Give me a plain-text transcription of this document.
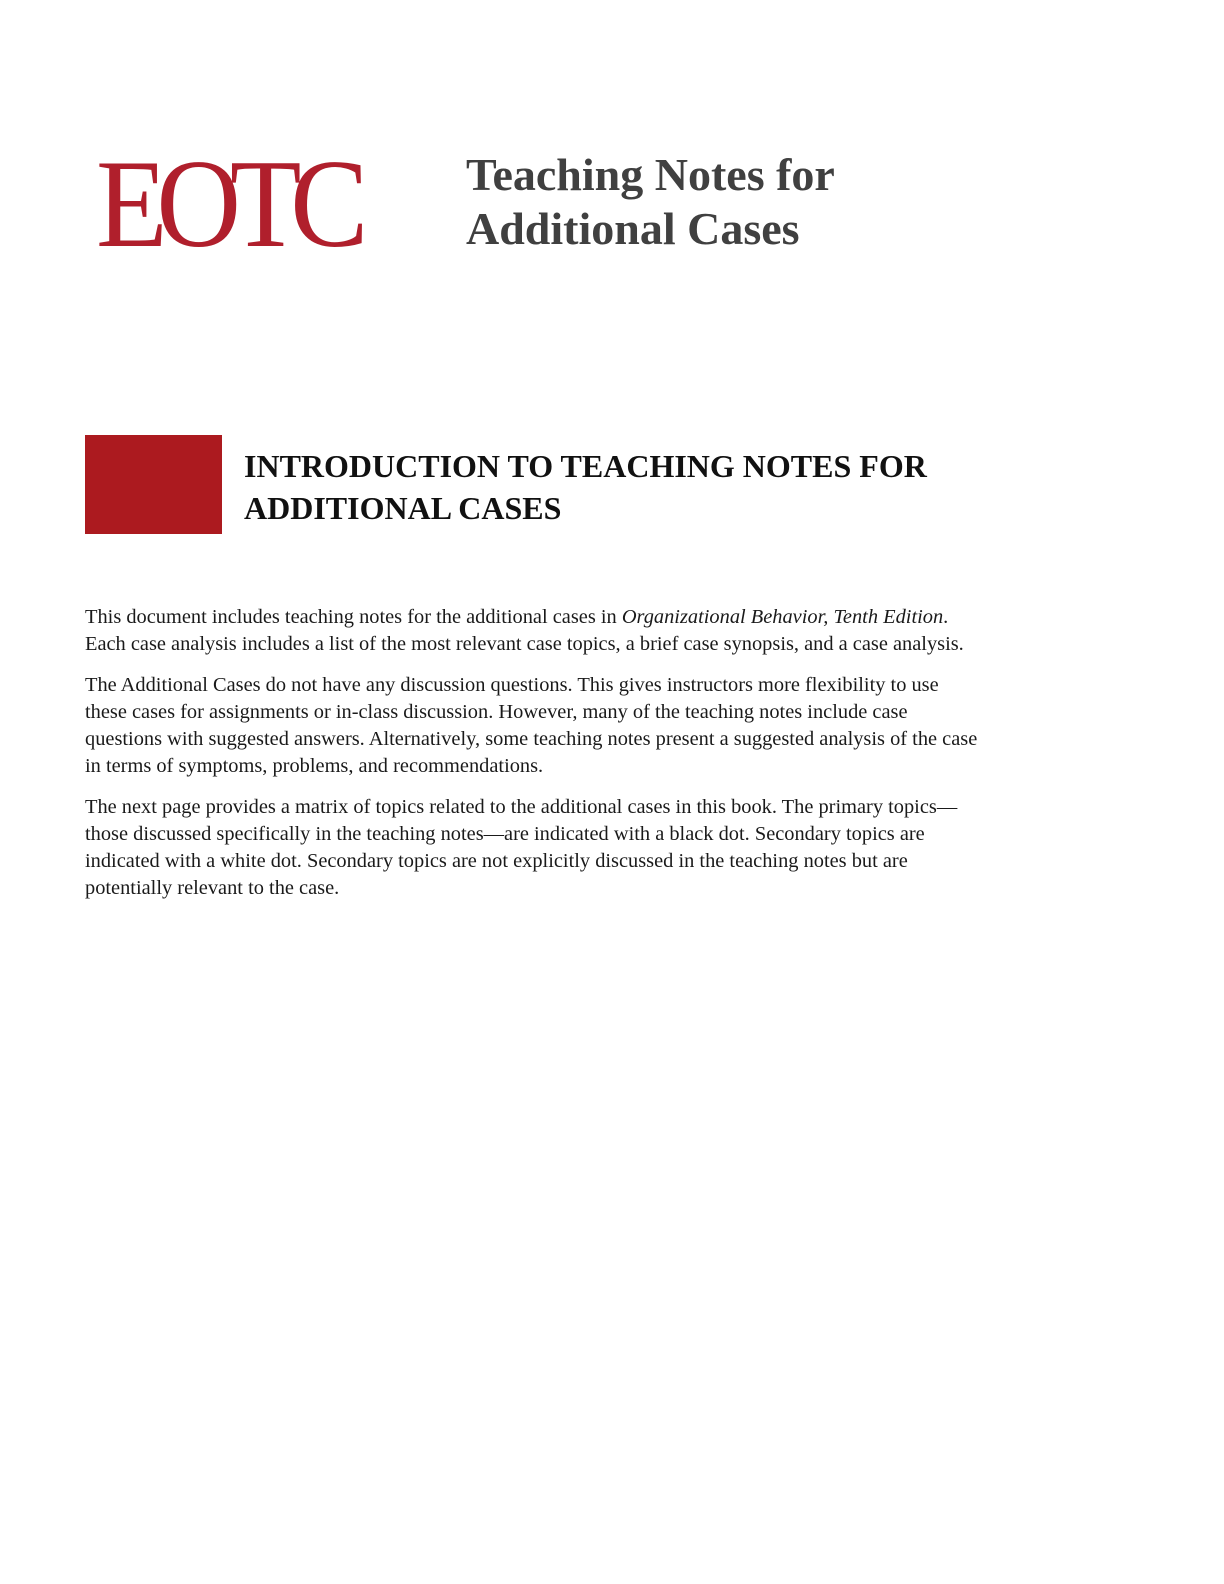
EOTC Teaching Notes for
Additional Cases
INTRODUCTION TO TEACHING NOTES FOR
ADDITIONAL CASES

This document includes teaching notes for the additional cases in Organizational Behavior, Tenth Edition.
Each case analysis includes a list of the most relevant case topics, a brief case synopsis, and a case analysis.

The Additional Cases do not have any discussion questions. This gives instructors more flexibility to use
these cases for assignments or in-class discussion. However, many of the teaching notes include case
questions with suggested answers. Alternatively, some teaching notes present a suggested analysis of the case
in terms of symptoms, problems, and recommendations.

The next page provides a matrix of topics related to the additional cases in this book. The primary topics—
those discussed specifically in the teaching notes—are indicated with a black dot. Secondary topics are
indicated with a white dot. Secondary topics are not explicitly discussed in the teaching notes but are
potentially relevant to the case.
